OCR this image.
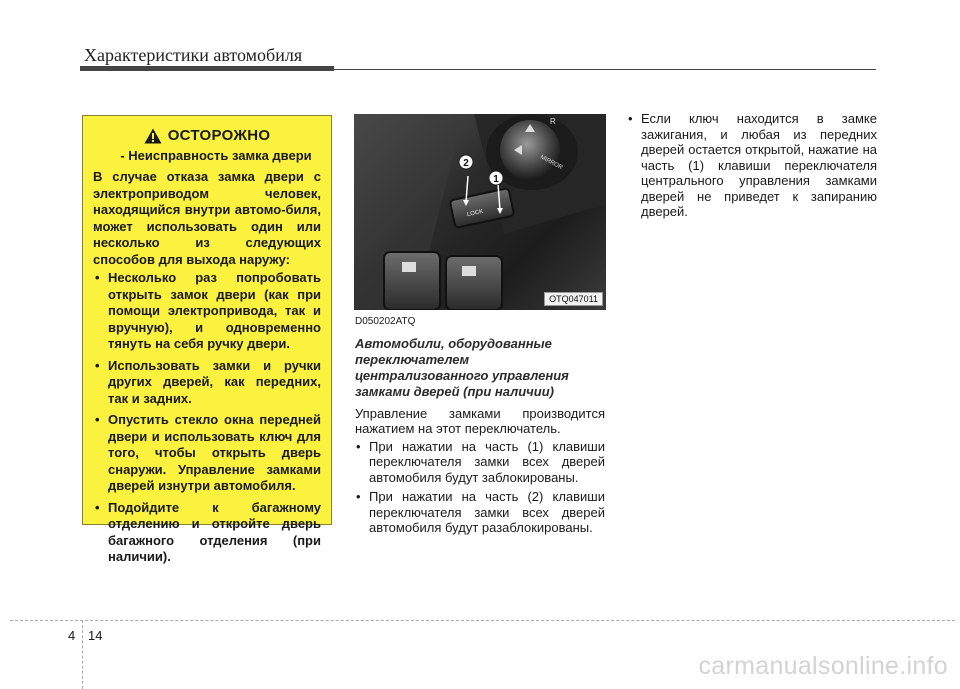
Характеристики автомобиля
ОСТОРОЖНО
- Неисправность замка двери
В случае отказа замка двери с электроприводом человек, находящийся внутри автомо-биля, может использовать один или несколько из следующих способов для выхода наружу:
• Несколько раз попробовать открыть замок двери (как при помощи электропривода, так и вручную), и одновременно тянуть на себя ручку двери.
• Использовать замки и ручки других дверей, как передних, так и задних.
• Опустить стекло окна передней двери и использовать ключ для того, чтобы открыть дверь снаружи. Управление замками дверей изнутри автомобиля.
• Подойдите к багажному отделению и откройте дверь багажного отделения (при наличии).
MIRROR
R
LOCK
2
1
OTQ047011
D050202ATQ
Автомобили, оборудованные переключателем централизованного управления замками дверей (при наличии)
Управление замками производится нажатием на этот переключатель.
• При нажатии на часть (1) клавиши переключателя замки всех дверей автомобиля будут заблокированы.
• При нажатии на часть (2) клавиши переключателя замки всех дверей автомобиля будут разаблокированы.
• Если ключ находится в замке зажигания, и любая из передних дверей остается открытой, нажатие на часть (1) клавиши переключателя центрального управления замками дверей не приведет к запиранию дверей.
4 14
carmanualsonline.info
